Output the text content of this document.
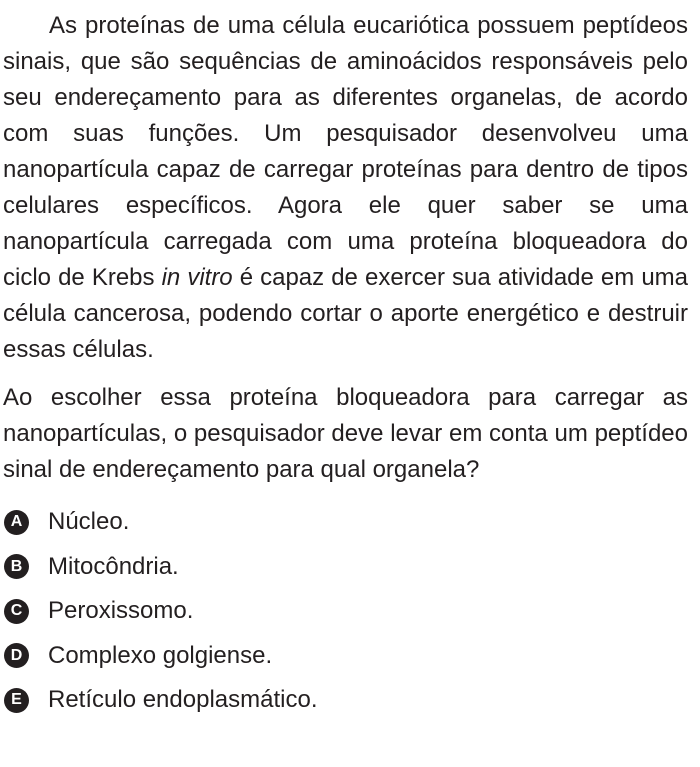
As proteínas de uma célula eucariótica possuem peptídeos sinais, que são sequências de aminoácidos responsáveis pelo seu endereçamento para as diferentes organelas, de acordo com suas funções. Um pesquisador desenvolveu uma nanopartícula capaz de carregar proteínas para dentro de tipos celulares específicos. Agora ele quer saber se uma nanopartícula carregada com uma proteína bloqueadora do ciclo de Krebs in vitro é capaz de exercer sua atividade em uma célula cancerosa, podendo cortar o aporte energético e destruir essas células.

Ao escolher essa proteína bloqueadora para carregar as nanopartículas, o pesquisador deve levar em conta um peptídeo sinal de endereçamento para qual organela?

A Núcleo.
B Mitocôndria.
C Peroxissomo.
D Complexo golgiense.
E Retículo endoplasmático.
